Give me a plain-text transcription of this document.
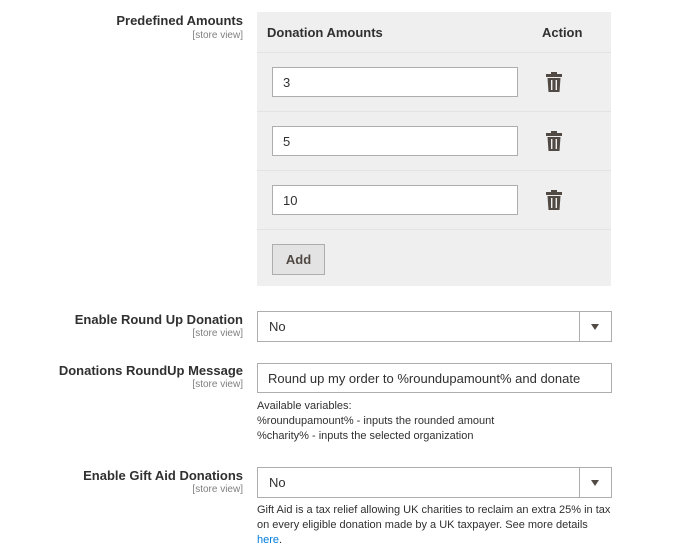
Predefined Amounts
[store view] Donation Amounts	Action
3
5
10
Add
Enable Round Up Donation
[store view] No
Donations RoundUp Message
[store view]
Round up my order to %roundupamount% and donate
Available variables:
%roundupamount% - inputs the rounded amount
%charity% - inputs the selected organization
Enable Gift Aid Donations
[store view] No
Gift Aid is a tax relief allowing UK charities to reclaim an extra 25% in tax on every eligible donation made by a UK taxpayer. See more details here.
